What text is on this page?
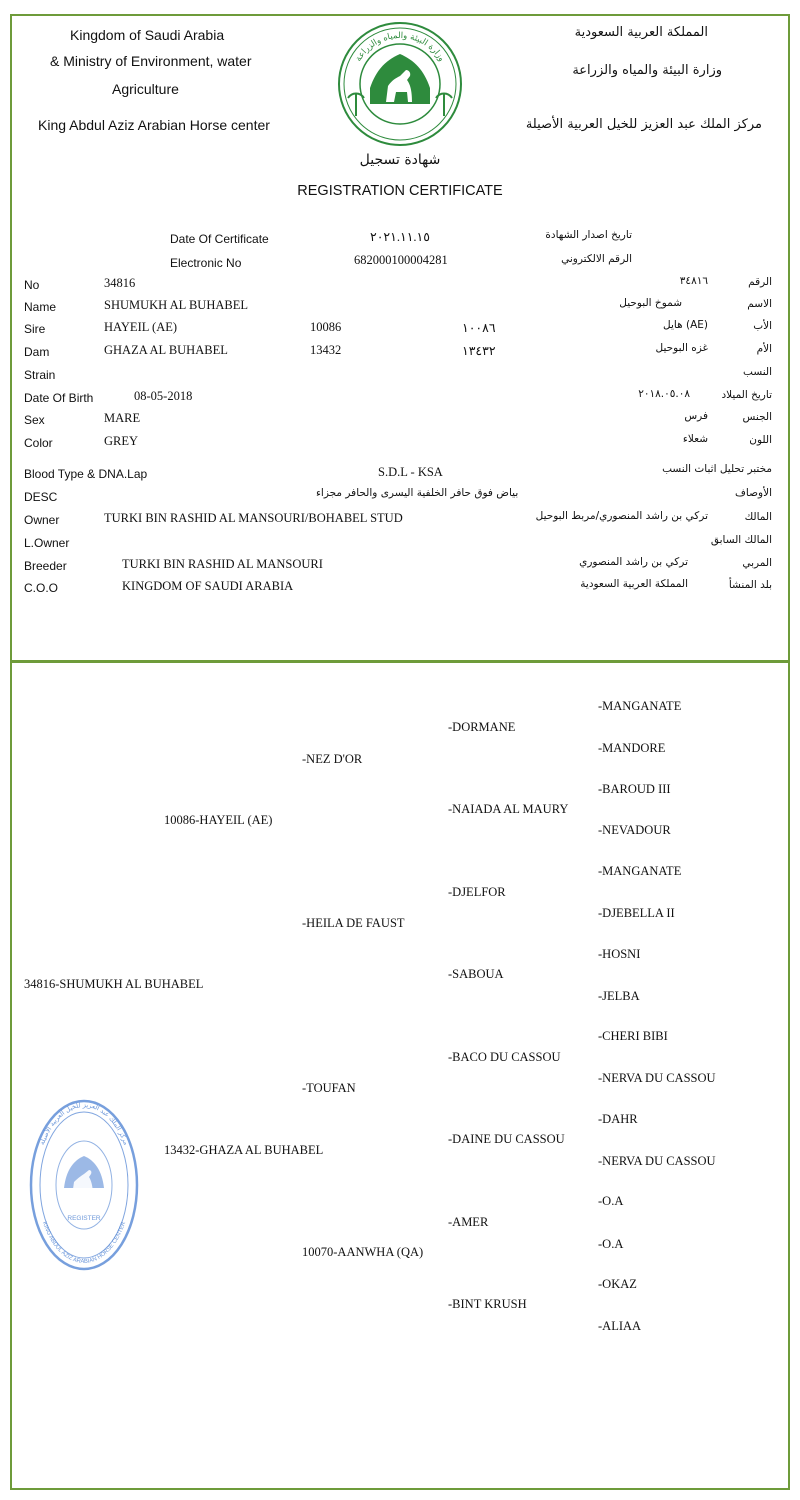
Kingdom of Saudi Arabia
& Ministry of Environment, water
Agriculture
King Abdul Aziz Arabian Horse center
المملكة العربية السعودية
وزارة البيئة والمياه والزراعة
مركز الملك عبد العزيز للخيل العربية الأصيلة
وزارة البيئة والمياه والزراعة
شهادة تسجيل
REGISTRATION CERTIFICATE
Date Of Certificate	٢٠٢١.١١.١٥	تاريخ اصدار الشهادة
Electronic No	682000100004281	الرقم الالكتروني
No	34816	٣٤٨١٦	الرقم
Name	SHUMUKH AL BUHABEL	شموخ البوحيل	الاسم
Sire	HAYEIL (AE)	10086	١٠٠٨٦	(AE) هايل	الأب
Dam	GHAZA AL BUHABEL	13432	١٣٤٣٢	غزه البوحيل	الأم
Strain	النسب
Date Of Birth	08-05-2018	٢٠١٨.٠٥.٠٨	تاريخ الميلاد
Sex	MARE	فرس	الجنس
Color	GREY	شعلاء	اللون
Blood Type & DNA.Lap	S.D.L - KSA	مختبر تحليل اثبات النسب
DESC	بياض فوق حافر الخلفية اليسرى والحافر مجزاء	الأوصاف
Owner	TURKI BIN RASHID AL MANSOURI/BOHABEL STUD	تركي بن راشد المنصوري/مربط البوحيل	المالك
L.Owner	المالك السابق
Breeder	TURKI BIN RASHID AL MANSOURI	تركي بن راشد المنصوري	المربي
C.O.O	KINGDOM OF SAUDI ARABIA	المملكة العربية السعودية	بلد المنشأ
34816-SHUMUKH AL BUHABEL
10086-HAYEIL (AE)
13432-GHAZA AL BUHABEL
-NEZ D'OR
-HEILA DE FAUST
-TOUFAN
10070-AANWHA (QA)
-DORMANE
-NAIADA AL MAURY
-DJELFOR
-SABOUA
-BACO DU CASSOU
-DAINE DU CASSOU
-AMER
-BINT KRUSH
-MANGANATE
-MANDORE
-BAROUD III
-NEVADOUR
-MANGANATE
-DJEBELLA II
-HOSNI
-JELBA
-CHERI BIBI
-NERVA DU CASSOU
-DAHR
-NERVA DU CASSOU
-O.A
-O.A
-OKAZ
-ALIAA
مركز الملك عبد العزيز للخيل العربية الأصيلة
KING ABDUL AZIZ ARABIAN HORSE CENTER
REGISTER
